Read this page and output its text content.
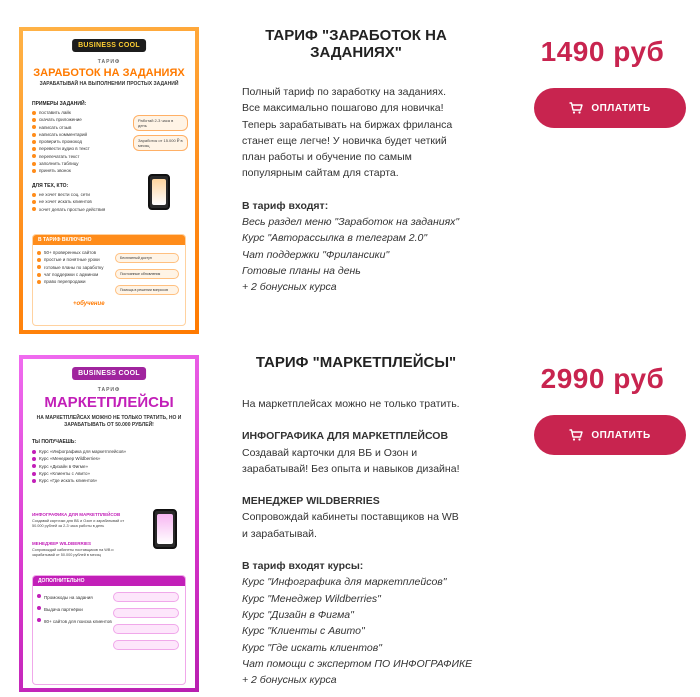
BUSINESS COOL
ТАРИФ
ЗАРАБОТОК НА ЗАДАНИЯХ
ЗАРАБАТЫВАЙ НА ВЫПОЛНЕНИИ ПРОСТЫХ ЗАДАНИЙ
ПРИМЕРЫ ЗАДАНИЙ:
поставить лайк
скачать приложение
написать отзыв
написать комментарий
проверить промокод
перевести аудио в текст
перепечатать текст
заполнить таблицу
принять звонок
Работай 2-3 часа в день
Заработок от 15.000 ₽ в месяц
ДЛЯ ТЕХ, КТО:
не хочет вести соц. сети
не хочет искать клиентов
хочет делать простые действия
В ТАРИФ ВКЛЮЧЕНО
50+ проверенных сайтов
простые и понятные уроки
готовые планы по заработку
чат поддержки с админом
право перепродажи
Бесплатный доступ
Постоянные обновления
Помощь в решении вопросов
+обучение
ТАРИФ "ЗАРАБОТОК НА ЗАДАНИЯХ"

Полный тариф по заработку на заданиях.

Все максимально пошагово для новичка!

Теперь зарабатывать на биржах фриланса

станет еще легче! У новичка будет четкий

план работы и обучение по самым

популярным сайтам для старта.

В тариф входят:

Весь раздел меню "Заработок на заданиях"

Курс "Авторассылка в телеграм 2.0"

Чат поддержки "Фрилансики"

Готовые планы на день

+ 2 бонусных курса

1490 руб
ОПЛАТИТЬ
BUSINESS COOL
ТАРИФ
МАРКЕТПЛЕЙСЫ
НА МАРКЕТПЛЕЙСАХ МОЖНО НЕ ТОЛЬКО ТРАТИТЬ, НО И ЗАРАБАТЫВАТЬ ОТ 50.000 РУБЛЕЙ!
ТЫ ПОЛУЧАЕШЬ:
Курс «Инфографика для маркетплейсов»
Курс «Менеджер Wildberries»
Курс «Дизайн в Фигме»
Курс «Клиенты с Авито»
Курс «Где искать клиентов»
ИНФОГРАФИКА ДЛЯ МАРКЕТПЛЕЙСОВ
Создавай карточки для ВБ и Озон и зарабатывай от 50.000 рублей за 2-3 часа работы в день
МЕНЕДЖЕР WILDBERRIES
Сопровождай кабинеты поставщиков на WB и зарабатывай от 50.000 рублей в месяц
ДОПОЛНИТЕЛЬНО
Промокоды на задания
Выдача партнёрки
80+ сайтов для поиска клиентов
ТАРИФ "МАРКЕТПЛЕЙСЫ"

На маркетплейсах можно не только тратить.

ИНФОГРАФИКА ДЛЯ МАРКЕТПЛЕЙСОВ

Создавай карточки для ВБ и Озон и

зарабатывай! Без опыта и навыков дизайна!

МЕНЕДЖЕР WILDBERRIES

Сопровождай кабинеты поставщиков на WB

и зарабатывай.

В тариф входят курсы:

Курс "Инфографика для маркетплейсов"

Курс "Менеджер Wildberries"

Курс "Дизайн в Фигма"

Курс "Клиенты с Авито"

Курс "Где искать клиентов"

Чат помощи с экспертом ПО ИНФОГРАФИКЕ

+ 2 бонусных курса

2990 руб
ОПЛАТИТЬ
